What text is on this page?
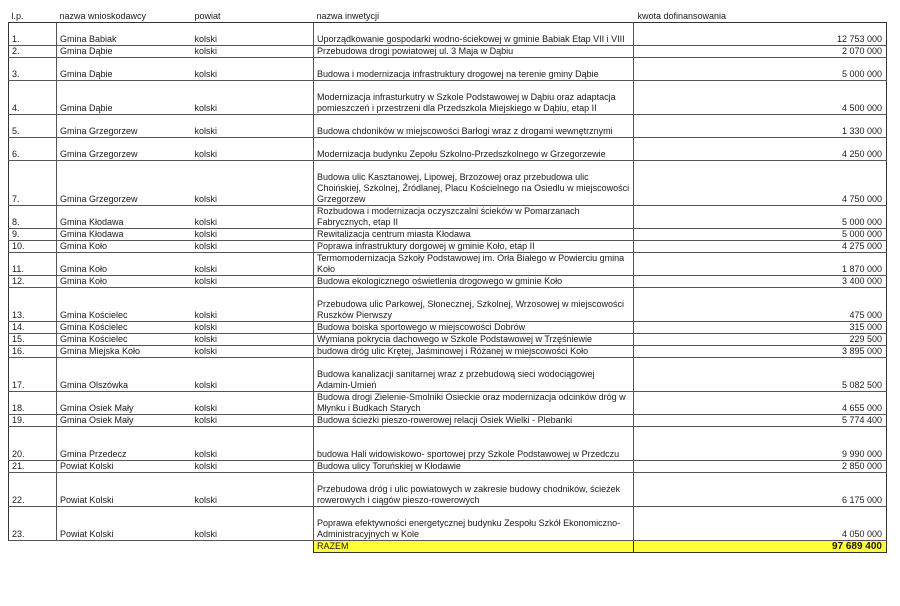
l.p.	nazwa wnioskodawcy	powiat	nazwa inwetycji	kwota dofinansowania
1.	Gmina Babiak	kolski	Uporządkowanie gospodarki wodno-ściekowej w gminie Babiak Etap VII i VIII	12 753 000
2.	Gmina Dąbie	kolski	Przebudowa drogi powiatowej ul. 3 Maja w Dąbiu	2 070 000
3.	Gmina Dąbie	kolski	Budowa i modernizacja infrastruktury drogowej na terenie gminy Dąbie	5 000 000
4.	Gmina Dąbie	kolski	Modernizacja infrasturkutry w Szkole Podstawowej w Dąbiu oraz adaptacja pomieszczeń i przestrzeni dla Przedszkola Miejskiego w Dąbiu, etap II	4 500 000
5.	Gmina Grzegorzew	kolski	Budowa chdoników w miejscowości Barłogi wraz z drogami wewnętrznymi	1 330 000
6.	Gmina Grzegorzew	kolski	Modernizacja budynku Zepołu Szkolno-Przedszkolnego w Grzegorzewie	4 250 000
7.	Gmina Grzegorzew	kolski	Budowa ulic Kasztanowej, Lipowej, Brzozowej oraz przebudowa ulic Choińskiej, Szkolnej, Źródlanej, Placu Kościelnego na Osiedlu w miejscowości Grzegorzew	4 750 000
8.	Gmina Kłodawa	kolski	Rozbudowa i modernizacja oczyszczalni ścieków w Pomarzanach Fabrycznych, etap II	5 000 000
9.	Gmina Kłodawa	kolski	Rewitalizacja centrum miasta Kłodawa	5 000 000
10.	Gmina Koło	kolski	Poprawa infrastruktury dorgowej w gminie Koło, etap II	4 275 000
11.	Gmina Koło	kolski	Termomodernizacja Szkoły Podstawowej im. Orła Białego w Powierciu gmina Koło	1 870 000
12.	Gmina Koło	kolski	Budowa ekologicznego oświetlenia drogowego w gminie Koło	3 400 000
13.	Gmina Kościelec	kolski	Przebudowa ulic Parkowej, Słonecznej, Szkolnej, Wrzosowej w miejscowości Ruszków Pierwszy	475 000
14.	Gmina Kościelec	kolski	Budowa boiska sportowego w miejscowości Dobrów	315 000
15.	Gmina Kościelec	kolski	Wymiana pokrycia dachowego w Szkole Podstawowej w Trzęśniewie	229 500
16.	Gmina Miejska Koło	kolski	budowa dróg ulic Krętej, Jaśminowej i Różanej w miejscowości Koło	3 895 000
17.	Gmina Olszówka	kolski	Budowa kanalizacji sanitarnej wraz z przebudową sieci wodociągowej Adamin-Umień	5 082 500
18.	Gmina Osiek Mały	kolski	Budowa drogi Zielenie-Smolniki Osieckie oraz modernizacja odcinków dróg w Młynku i Budkach Starych	4 655 000
19.	Gmina Osiek Mały	kolski	Budowa ścieżki pieszo-rowerowej relacji Osiek Wielki - Plebanki	5 774 400
20.	Gmina Przedecz	kolski	budowa Hali widowiskowo- sportowej przy Szkole Podstawowej w Przedczu	9 990 000
21.	Powiat Kolski	kolski	Budowa ulicy Toruńskiej w Kłodawie	2 850 000
22.	Powiat Kolski	kolski	Przebudowa dróg i ulic powiatowych w zakresie budowy chodników, ścieżek rowerowych i ciągów pieszo-rowerowych	6 175 000
23.	Powiat Kolski	kolski	Poprawa efektywności energetycznej budynku Zespołu Szkół Ekonomiczno-Administracyjnych w Kole	4 050 000
			RAZEM	97 689 400
